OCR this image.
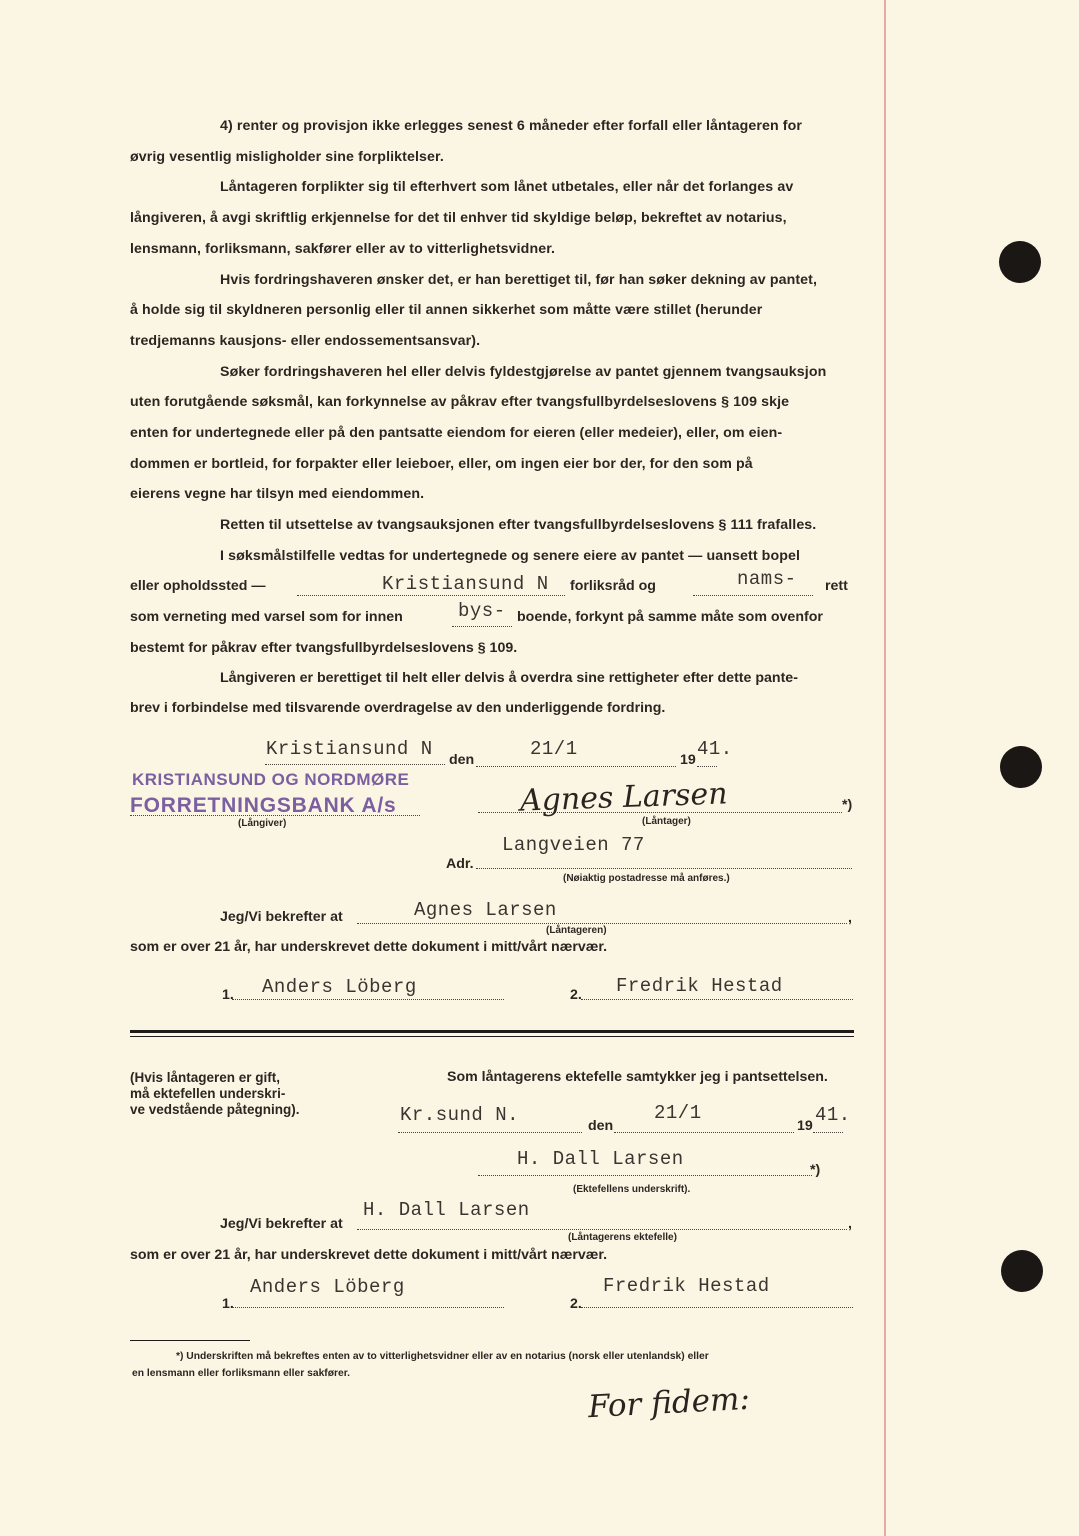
4) renter og provisjon ikke erlegges senest 6 måneder efter forfall eller låntageren for
øvrig vesentlig misligholder sine forpliktelser.
Låntageren forplikter sig til efterhvert som lånet utbetales, eller når det forlanges av
långiveren, å avgi skriftlig erkjennelse for det til enhver tid skyldige beløp, bekreftet av notarius,
lensmann, forliksmann, sakfører eller av to vitterlighetsvidner.
Hvis fordringshaveren ønsker det, er han berettiget til, før han søker dekning av pantet,
å holde sig til skyldneren personlig eller til annen sikkerhet som måtte være stillet (herunder
tredjemanns kausjons- eller endossementsansvar).
Søker fordringshaveren hel eller delvis fyldestgjørelse av pantet gjennem tvangsauksjon
uten forutgående søksmål, kan forkynnelse av påkrav efter tvangsfullbyrdelseslovens § 109 skje
enten for undertegnede eller på den pantsatte eiendom for eieren (eller medeier), eller, om eien-
dommen er bortleid, for forpakter eller leieboer, eller, om ingen eier bor der, for den som på
eierens vegne har tilsyn med eiendommen.
Retten til utsettelse av tvangsauksjonen efter tvangsfullbyrdelseslovens § 111 frafalles.
I søksmålstilfelle vedtas for undertegnede og senere eiere av pantet — uansett bopel
eller opholdssted —	Kristiansund N forliksråd og	nams- rett
som verneting med varsel som for innen	bys- boende, forkynt på samme måte som ovenfor
bestemt for påkrav efter tvangsfullbyrdelseslovens § 109.
Långiveren er berettiget til helt eller delvis å overdra sine rettigheter efter dette pante-
brev i forbindelse med tilsvarende overdragelse av den underliggende fordring.
Kristiansund N den	21/1	19 41.
KRISTIANSUND OG NORDMØRE
FORRETNINGSBANK A/s
(Långiver)
Agnes Larsen	*)
(Låntager)
Adr.
Langveien 77
(Nøiaktig postadresse må anføres.)
Jeg/Vi bekrefter at	Agnes Larsen	,
(Låntageren)
som er over 21 år, har underskrevet dette dokument i mitt/vårt nærvær.
1. Anders Löberg	2. Fredrik Hestad
(Hvis låntageren er gift,
må ektefellen underskri-
ve vedstående påtegning).
Som låntagerens ektefelle samtykker jeg i pantsettelsen.
Kr.sund N.	den
21/1
19 41.
H. Dall Larsen	*)
(Ektefellens underskrift).
Jeg/Vi bekrefter at
H. Dall Larsen
,
(Låntagerens ektefelle)
som er over 21 år, har underskrevet dette dokument i mitt/vårt nærvær.
1.
Anders Löberg
2.
Fredrik Hestad
*) Underskriften må bekreftes enten av to vitterlighetsvidner eller av en notarius (norsk eller utenlandsk) eller
en lensmann eller forliksmann eller sakfører.
For fidem:
